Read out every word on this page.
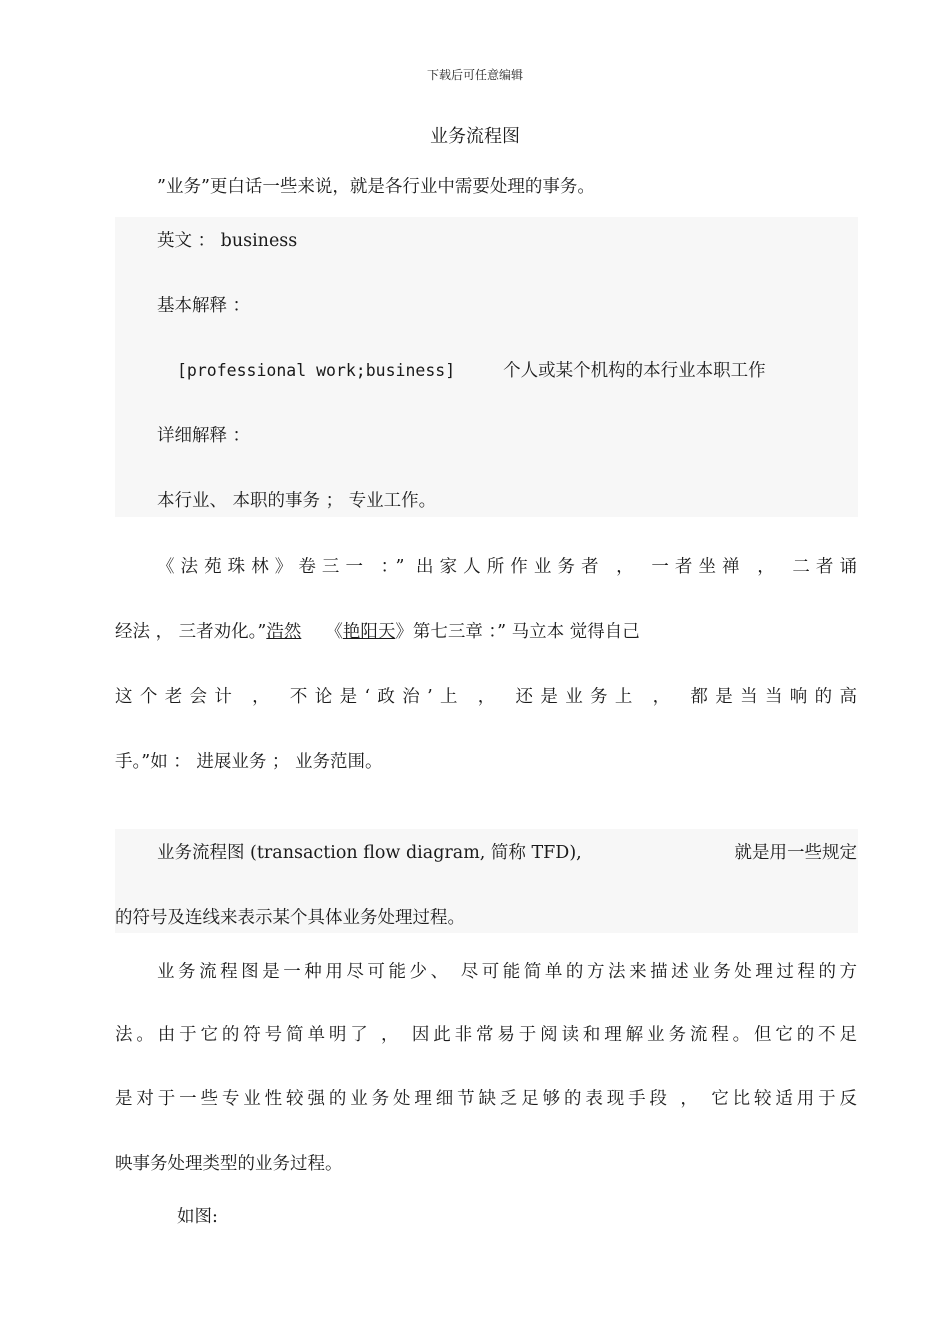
下载后可任意编辑
业务流程图
”业务”更白话一些来说，就是各行业中需要处理的事务。
英文 ： business
基本解释 ：
[professional work;business]	个人或某个机构的本行业本职工作
详细解释 ：
本行业、 本职的事务 ； 专业工作。
《法苑珠林》卷三一 ：” 出家人所作业务者 ， 一者坐禅 ， 二者诵
经法 ， 三者劝化。”浩然 《艳阳天》第七三章 ：” 马立本 觉得自己
这个老会计 ， 不论是‘政治’上 ， 还是业务上 ， 都是当当响的高
手。”如 ： 进展业务 ； 业务范围。
业务流程图 (transaction flow diagram, 简称 TFD),	就是用一些规定
的符号及连线来表示某个具体业务处理过程。
业务流程图是一种用尽可能少、 尽可能简单的方法来描述业务处理过程的方
法。由于它的符号简单明了 ， 因此非常易于阅读和理解业务流程。但它的不足
是对于一些专业性较强的业务处理细节缺乏足够的表现手段 ， 它比较适用于反
映事务处理类型的业务过程。
如图:
